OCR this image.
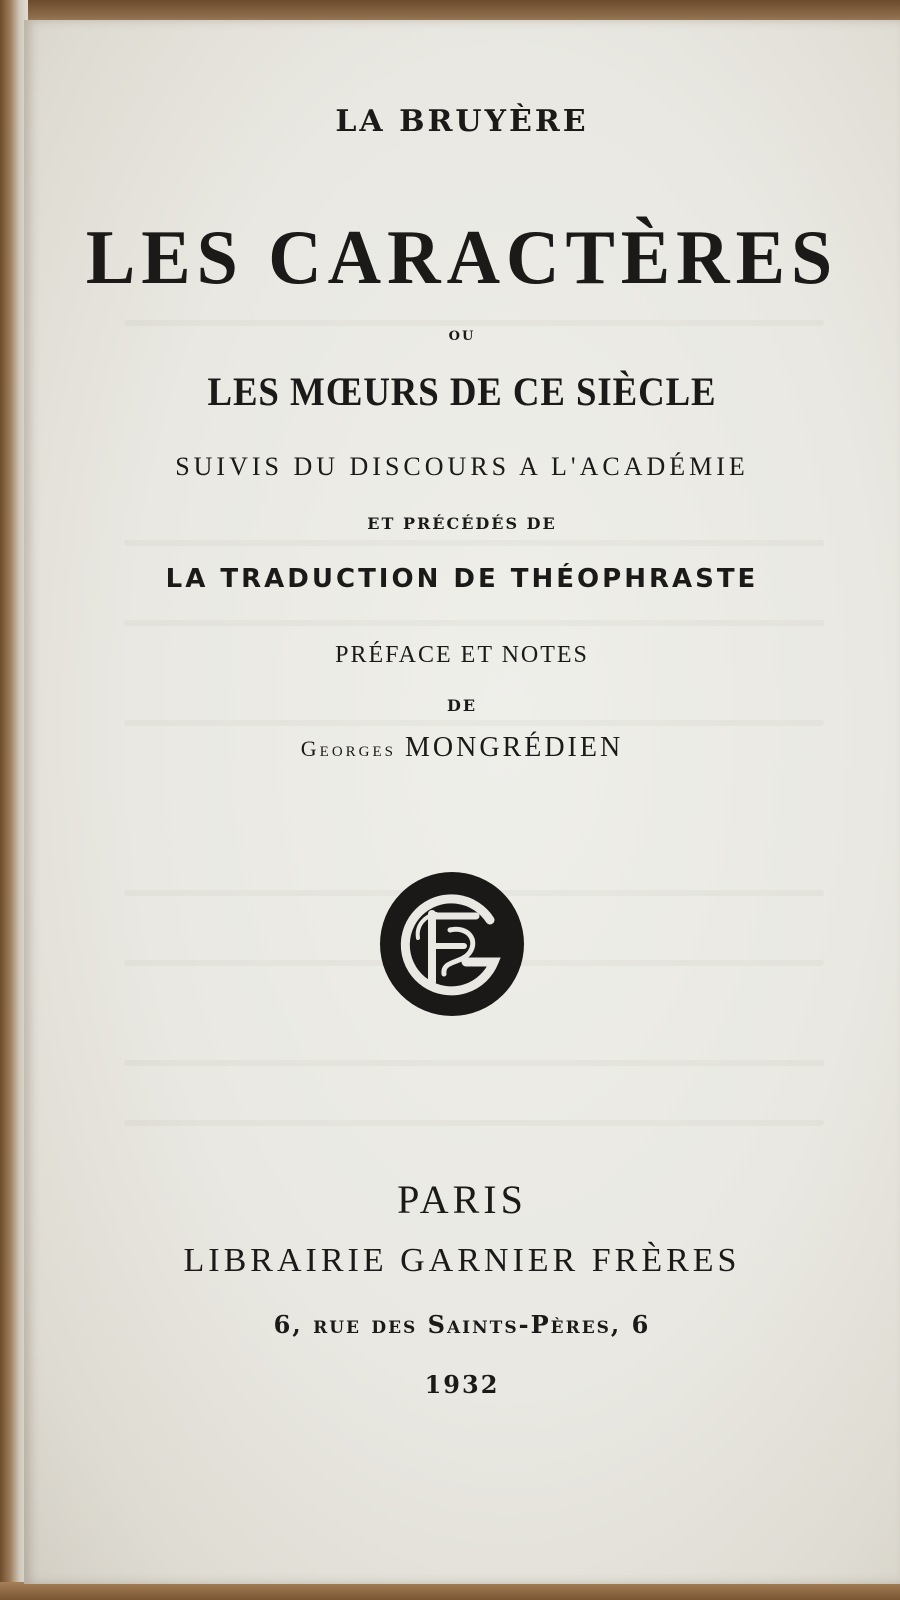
LA BRUYÈRE
LES CARACTÈRES
ou
LES MŒURS DE CE SIÈCLE
SUIVIS DU DISCOURS A L'ACADÉMIE
ET PRÉCÉDÉS DE
LA TRADUCTION DE THÉOPHRASTE
PRÉFACE ET NOTES
DE
Georges MONGRÉDIEN
PARIS
LIBRAIRIE GARNIER FRÈRES
6, rue des Saints-Pères, 6
1932
